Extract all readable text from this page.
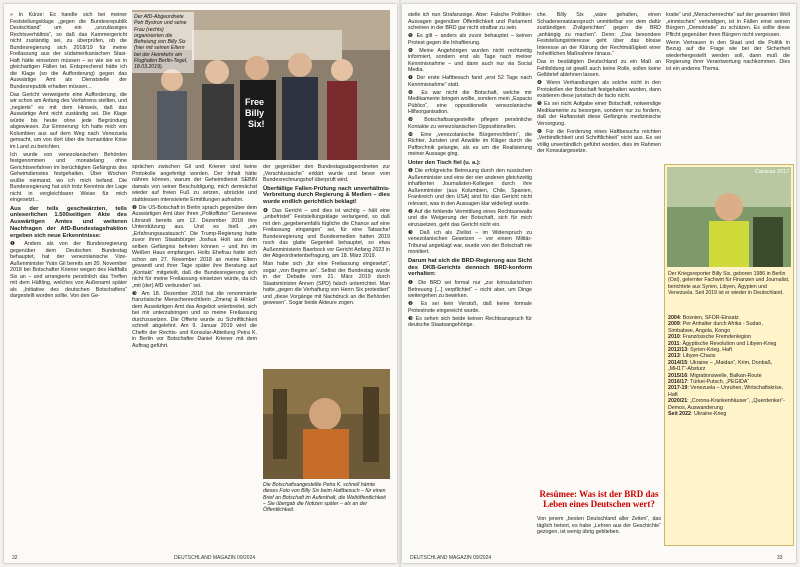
» In Kürze: Es handle sich bei meiner Feststellungsklage „gegen die Bundesrepublik Deutschland“ um ein „unzulässiges Rechtsverhältnis“, so daß das Kammergericht nicht zuständig sei, zu überprüfen, ob die Bundesregierung sich 2018/19 für meine Freilassung aus der südamerikanischen Stasi-Haft hätte einsetzen müssen – so wie sie es in gleichartigen Fällen tat. Entsprechend hätte ich die Klage (so die Aufforderung) gegen das Auswärtige Amt als Dienststelle der Bundesrepublik erhalten müssen...

Das Gericht verweigerte eine Aufforderung, die wir schon am Anfang des Verfahrens stellten, und „negierte“ es mit dem Hinweis, daß das Auswärtige Amt nicht zuständig sei. Die Klage würde bis heute ohne jede Begründung abgewiesen. Zur Erinnerung: Ich hatte mich von Kolumbien aus auf dem Weg nach Venezuela gemacht, um von dort über die humanitäre Krise im Land zu berichten.

Ich wurde von venezolanischen Behörden festgenommen und monatelang ohne Gerichtsverfahren im berüchtigten Gefängnis des Geheimdienstes festgehalten. Über Wochen wußte niemand, wo ich mich befand. Die Bundesregierung hat sich trotz Kenntnis der Lage nicht in vergleichbarer Weise für mich eingesetzt...

Aus der teils geschwärzten, teils unleserlichen 1.500seitigen Akte des Auswärtigen Amtes und weiteren Nachfragen der AfD-Bundestagsfraktion ergeben sich neue Erkenntnisse:

❶ Anders als von der Bundesregierung gegenüber dem Deutschen Bundestag behauptet, hat der venezolanische Vize-Außenminister Yván Gil bereits am 20. November 2018 bei Botschafter Kriener wegen des Haftfalls Six an – und arrangierte persönlich das Treffen mit dem Häftling, welches von Außenamt später als „Initiative des deutschen Botschafters“ dargestellt worden sollte. Von den Ge-

Free
Billy
Six!
Der AfD-Abgeordnete Petr Bystron und seine Frau (rechts) organisierten die Befreiung von Billy Six (hier mit seinen Eltern bei der Heimkehr am Flughafen Berlin-Tegel, 18.03.2019).

sprächen zwischen Gil und Kriener sind keine Protokolle angefertigt worden. Der Inhalt hätte nähren können, warum der Geheimdienst SEBIN damals von seiner Beschuldigung, mich demnächst wieder auf freien Fuß zu setzen, abrückte und stattdessen intensivierte Ermittlungen aufnahm.

❷ Die US-Botschaft in Berlin sprach gegenüber dem Auswärtigen Amt über ihren „Politoffizier“ Genevieve Librandi bereits am 12. Dezember 2018 ihre Unterstützung aus. Und es hieß „ein „Erfahrungsaustausch“. Die Trump-Regierung hatte zuvor ihren Staatsbürger Joshua Holt aus dem selben Gefängnis befreien können – und ihn im Weißen Haus empfangen. Holts Ehefrau hatte sich schon am 27. November 2018 an meine Eltern gewandt und ihrer Tage später ihre Beratung auf „Kontakt“ mitgeteilt, daß die Bundesregierung sich nicht für meine Freilassung einsetzen würde, da ich „mit (der) AfD verbunden“ sei.

❸ Am 18. Dezember 2018 hat die renommierte französische Menschenrechtlerin „Zmeraj & Hinkel“ dem Auswärtigen Amt das Angebot unterbreitet, sich bei mir unterzubringen und so meine Freilassung durchzusetzen. Die Offerte wurde zu Schriftlichkeit schnell abgelehnt. Am 9. Januar 2019 wird die Chefin der Rechts- und Konsular-Abteilung Petra K. in Berlin vor Botschafter Daniel Kriener mit dem Auftrag geführt.

der gegenüber den Bundestagsabgeordneten zur „Verschlussache“ erklärt wurde und bevor vom Bundesrechnungshof überprüft wird.

Überfällige Fallen-Prüfung nach unverhältnis-Verbreitung durch Regierung & Medien – dies wurde endlich gerichtlich beklagt!

❹ Das Gericht – und dies ist wichtig – hält eine „unbefristet“ Feststellungsklage verlangend, so daß mit den „gegebenenfalls fügliche die Chance auf eine Freilassung eingangen“ sei, für eine Tatsache! Bundesregierung und Bundesmedien hatten 2019 noch das glatte Gegenteil behauptet, so etwa Außenministerin Baerbock vor Gericht Anfang 2023 in der Abgeordnetenbefragung, am 18. März 2019.

Man habe sich „für eine Freilassung eingesetzt“, sogar „von Beginn an“. Selbst der Bundestag wurde in der Debatte vom 21. März 2019 durch Staatsminister Annen (SPD) falsch unterrichtet. Man hatte „gegen die Verhaftung von Herrn Six protestiert“ und „diese Vorgänge mit Nachdruck an die Behörden gewesen“. Sogar beide Akteure zogen.

Die Botschaftsangestellte Petra K. schnell hämte dieses Foto von Billy Six beim Haftbesuch – für einen Brief an Botschaft im Aufenthalt, die Weltöffentlichkeit – Sie übergab die Notizen später – als an der Öffentlichkeit.
32	DEUTSCHLAND MAGAZIN 09/2024

stelle ich nun Strafanzeige. Aber: Falsche Politiker-Aussagen gegenüber Öffentlichkeit und Parlament scheinen in der BRD gar nicht strafbar zu sein.

❺ Es gilt – anders als zuvor behauptet – keinen Protest gegen die Inhaftierung.

❻ Meine Angehörigen wurden nicht rechtzeitig informiert, sondern erst als Tage nach meiner Kenntnisnahme – und dann auch nur via Social Media.

❼ Der erste Haftbesuch fand „erst 52 Tage nach Kenntnisnahme“ statt.

❽ Es war nicht die Botschaft, welche mir Medikamente bringen wollte, sondern mein „Espacio Público“, eine oppositionelle venezolanische Hilfsorganisation.

❾ Botschaftsangestellte pflegen persönliche Kontakte zu venezolanischen Oppositionellen.

❿ Eine „venezolanische Bürgerrechtlerin“, die Richter, Juristen und Anwälte im Kläger durch die Pafforchnik gelangte, als es um die Realisierung meiner Aussage ging.

Unter den Tisch fiel (u. a.):

❶ Die erfolgreiche Betreuung durch den russischen Außenminister und eine der vier anderen gleichzeitig inhaftierten Journalisten-Kollegen durch ihre Außenminister (aus Kolumbien, Chile, Spanien, Frankreich und den USA) sind für das Gericht nicht relevant, was in den Aussagen klar widerlegt wurde.

❷ Auf die fehlende Vermittlung eines Rechtsanwalts und die Weigerung der Botschaft, sich für mich einzusetzen, geht das Gericht nicht ein.

❸ Daß ich als Zivilist – im Widerspruch zu venezolanischen Gesetzen – vor einem Militär-Tribunal angeklagt war, wurde von der Botschaft nie monitiert.

Darum hat sich die BRD-Regierung aus Sicht des DKB-Gerichts dennoch BRD-konform verhalten:

❶ Die BRD sei formal nur „zur konsularischen Betreuung [...] verpflichtet“ – nicht aber, um Dinge weitergehen zu bewirken.

❷ Es sei kein Verstoß, daß keine formale Protestnote eingereicht wurde.

❸ Es sehen sich beide keinen Rechtsanspruch für deutsche Staatsangehörige.

che. Billy Six „wäre gehalten, einen Schadenersatzanspruch unmittelbar vor dem dafür zuständigen Zivilgerichten“ gegen die BRD „anhängig zu machen“. Denn: „Das besondere Feststellungsinteresse geht über das blosse Interesse an der Klärung der Rechtmäßigkeit einer hoheitlichen Maßnahme hinaus.“

Das in bestätigten Deutschland zu ein Maß an Fehlbildung ist gewiß auch keine Rolle, sollen keine Gelbbrief ablehnen lassen.

❹ Wenn Verhandlungen als solche nicht in den Protokollen der Botschaft festgehalten wurden, dann existieren diese juristisch de facto nicht.

❺ Es sei nicht Aufgabe einer Botschaft, notwendige Medikamente zu besorgen, sondern nur zu fordern, daß der Haftanstalt diese Gefängnis medizinische Versorgung.

❻ Für die Forderung eines Haftbesuchs reichten „Verbindlichkeit und Schriftlichkeit“ nicht aus. Es sei völlig unverbindlich geführt worden, dies im Rahmen der Konsulargesetze.

Resümee: Was ist der BRD das Leben eines Deutschen wert?

Von jenem „besten Deutschland aller Zeiten“, das täglich betont, es habe „Lehren aus der Geschichte“ gezogen, ist wenig übrig geblieben.

kratie“ und „Menschenrechte“ auf der gesamten Welt „einmischen“ verteidigen, ist in Fällen einst seinen Bürgern „Demokratie“ zu schützen. Es sollte diese Pflicht gegenüber ihren Bürgern nicht vergessen.

Wenn Vertrauen in den Staat und die Politik in Bezug auf die Frage wie bei der Sicherheit wiederhergestellt werden soll, dann muß die Regierung ihrer Verantwortung nachkommen. Dies ist ein anderes Thema.

Caracas 2017
Der Kriegsreporter Billy Six, geboren 1986 in Berlin (Ost), gelernter Fachwirt für Finanzen und Journalist, berichtete aus Syrien, Libyen, Ägypten und Venezuela. Seit 2019 ist er wieder in Deutschland.
2004: Bosnien, SFOR-Einsatz
2009: Per Anhalter durch Afrika - Sudan, Simbabwe, Angola, Kongo
2010: Französische Fremdenlegion
2011: Ägyptische Revolution und Libyen-Krieg
2012/13: Syrien-Krieg, Haft
2013: Libyen-Chaos
2014/15: Ukraine – „Maidan“, Krim, Donbaß, „MH17“-Absturz
2015/16: Migrationswelle, Balkan-Route
2016/17: Türkei-Putsch, „PEGIDA“
2017-19: Venezuela – Unruhen, Wirtschaftskrise, Haft
2020/21: „Corona-Krankenhäuser“, „Querdenker“-Demos, Auswanderung
Seit 2022: Ukraine-Krieg
DEUTSCHLAND MAGAZIN 09/2024	33
